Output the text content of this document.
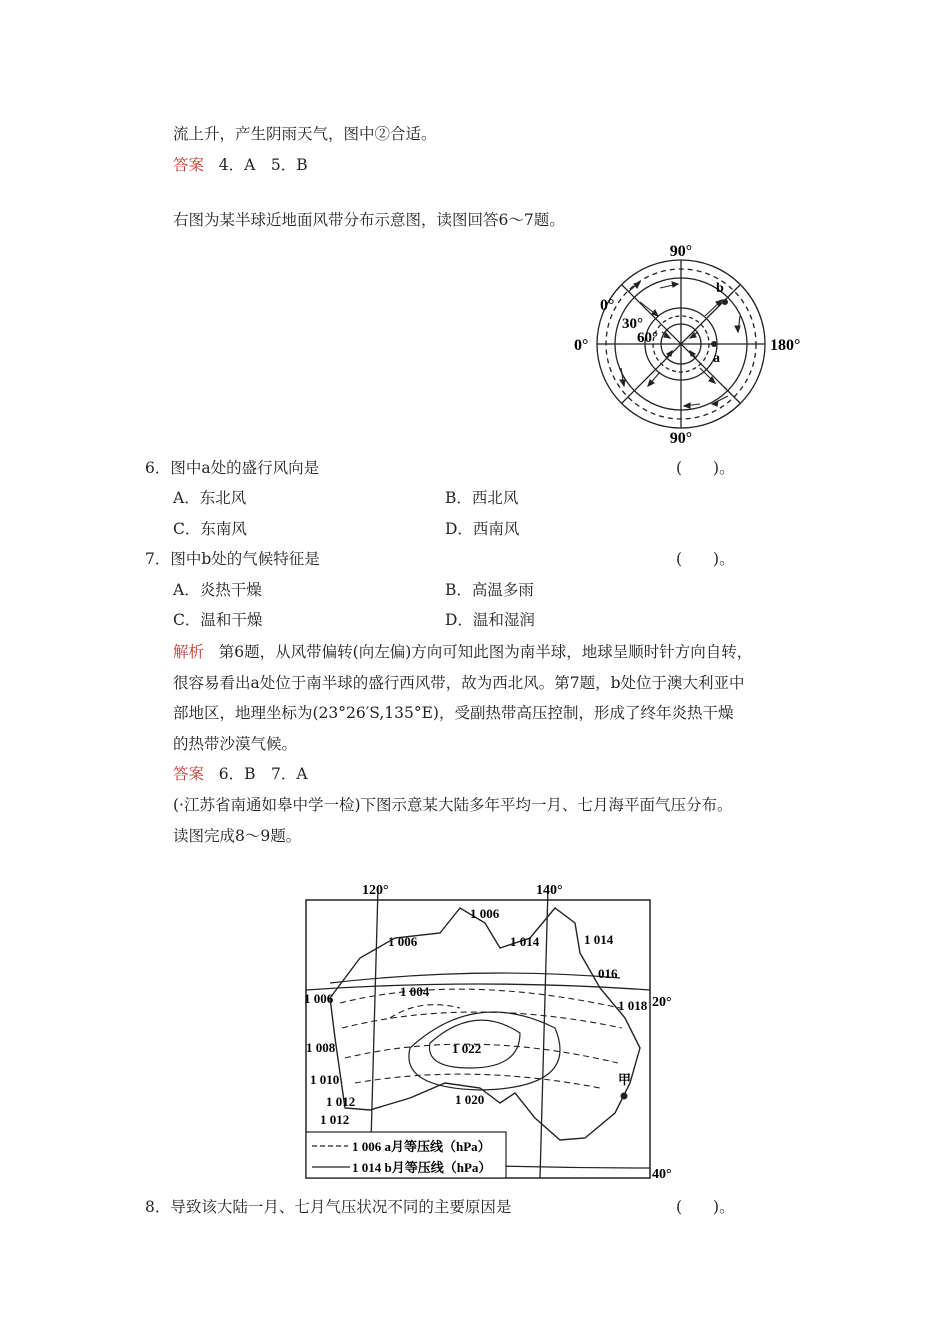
流上升，产生阴雨天气，图中②合适。
答案 4．A　5．B
右图为某半球近地面风带分布示意图，读图回答6～7题。
90°
90°
0°	180°
0°
30°
60°
a
b
6．图中a处的盛行风向是	(　　)。
A．东北风	B．西北风
C．东南风	D．西南风
7．图中b处的气候特征是	(　　)。
A．炎热干燥	B．高温多雨
C．温和干燥	D．温和湿润
解析 第6题，从风带偏转(向左偏)方向可知此图为南半球，地球呈顺时针方向自转，
很容易看出a处位于南半球的盛行西风带，故为西北风。第7题，b处位于澳大利亚中
部地区，地理坐标为(23°26′S,135°E)，受副热带高压控制，形成了终年炎热干燥
的热带沙漠气候。
答案 6．B　7．A
(·江苏省南通如皋中学一检)下图示意某大陆多年平均一月、七月海平面气压分布。
读图完成8～9题。
120°	140°
20°
40°
1 006
1 006	1 014	1 014
016
1 004
1 006	1 018
1 008	1 022
1 010
1 012	1 020
1 012
甲
1 006 a月等压线（hPa）
1 014 b月等压线（hPa）
8．导致该大陆一月、七月气压状况不同的主要原因是	(　　)。
